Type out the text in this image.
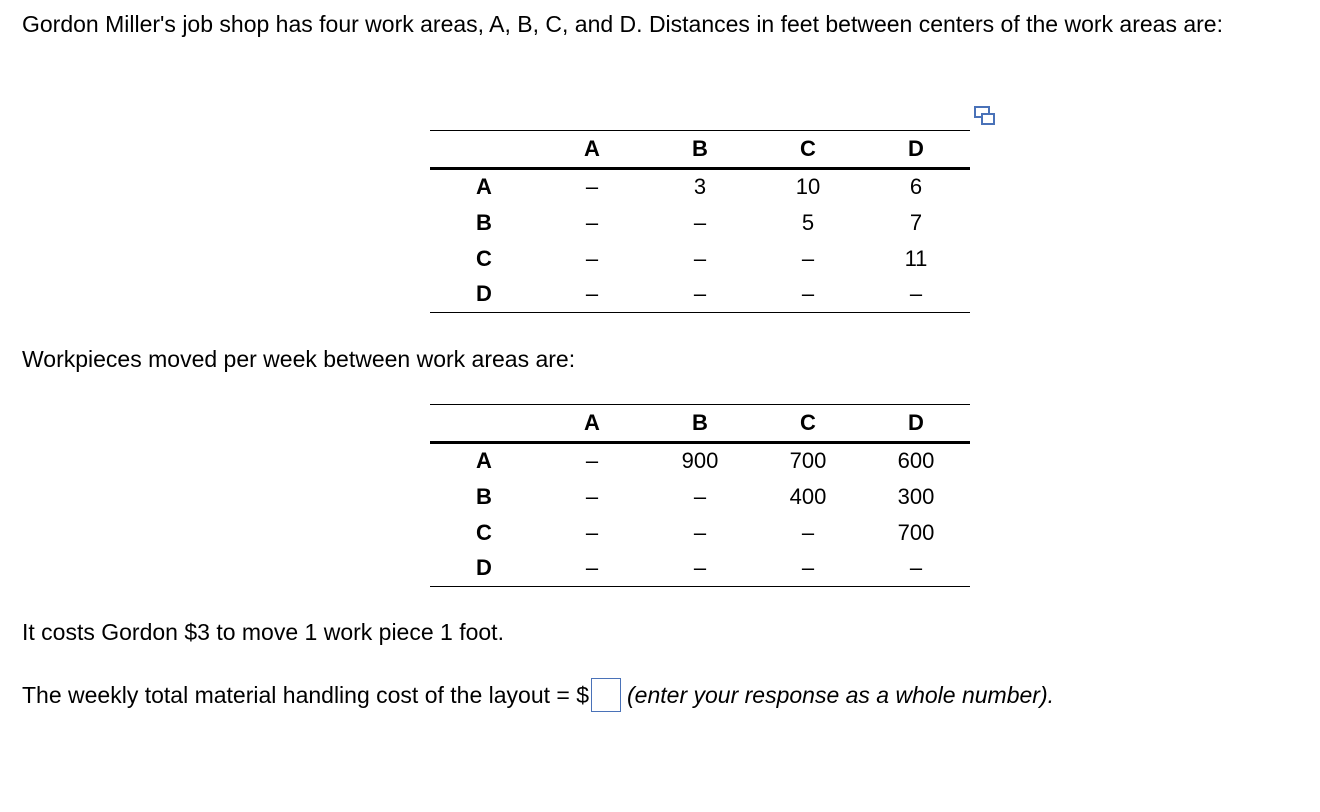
Gordon Miller's job shop has four work areas, A, B, C, and D. Distances in feet between centers of the work areas are:
	A	B	C	D
A	–	3	10	6
B	–	–	5	7
C	–	–	–	11
D	–	–	–	–
Workpieces moved per week between work areas are:
	A	B	C	D
A	–	900	700	600
B	–	–	400	300
C	–	–	–	700
D	–	–	–	–
It costs Gordon $3 to move 1 work piece 1 foot.
The weekly total material handling cost of the layout = $ (enter your response as a whole number).
